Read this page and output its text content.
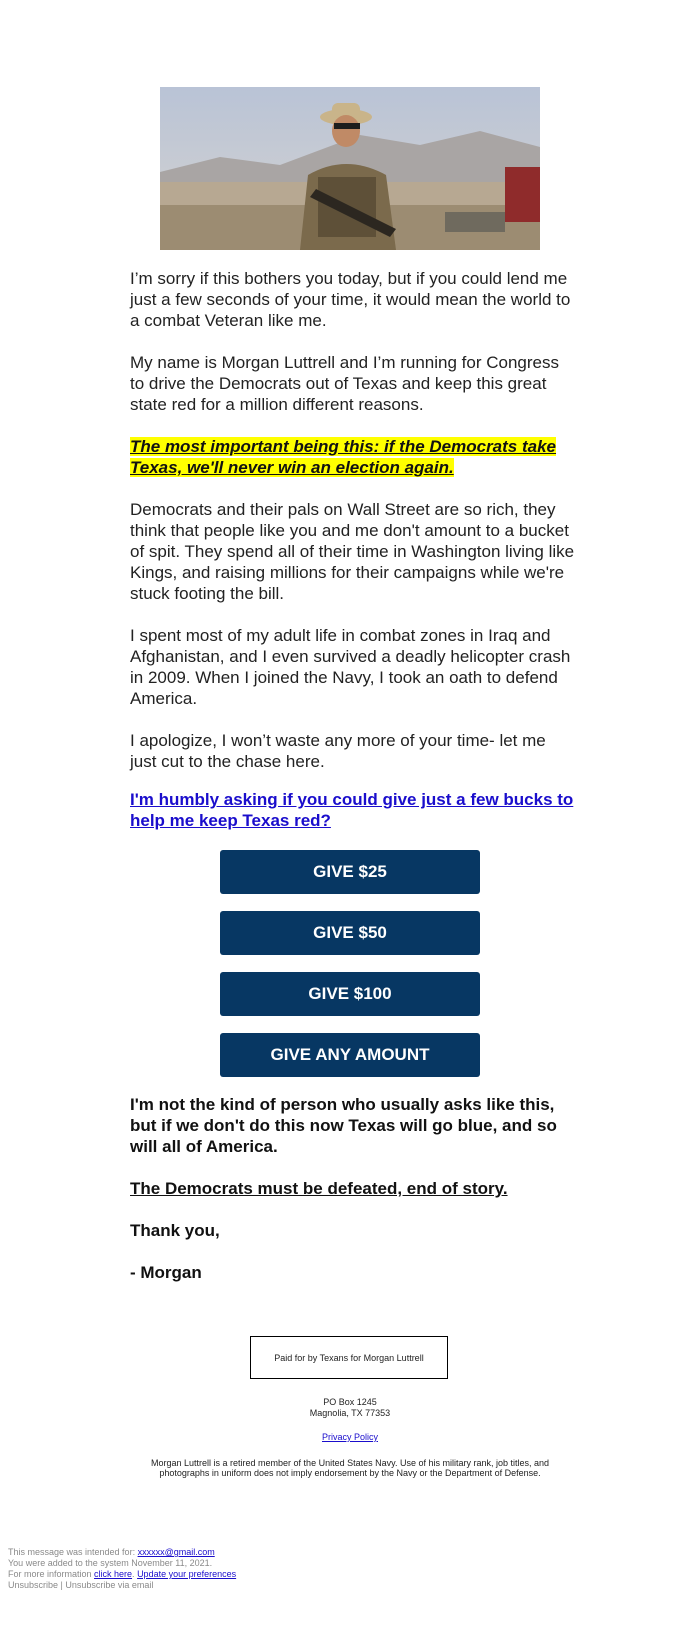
I’m sorry if this bothers you today, but if you could lend me just a few seconds of your time, it would mean the world to a combat Veteran like me.

My name is Morgan Luttrell and I’m running for Congress to drive the Democrats out of Texas and keep this great state red for a million different reasons.

The most important being this: if the Democrats take Texas, we'll never win an election again.

Democrats and their pals on Wall Street are so rich, they think that people like you and me don't amount to a bucket of spit. They spend all of their time in Washington living like Kings, and raising millions for their campaigns while we're stuck footing the bill.

I spent most of my adult life in combat zones in Iraq and Afghanistan, and I even survived a deadly helicopter crash in 2009. When I joined the Navy, I took an oath to defend America.

I apologize, I won’t waste any more of your time- let me just cut to the chase here.

I'm humbly asking if you could give just a few bucks to help me keep Texas red?

GIVE $25
GIVE $50
GIVE $100
GIVE ANY AMOUNT

I'm not the kind of person who usually asks like this, but if we don't do this now Texas will go blue, and so will all of America.

The Democrats must be defeated, end of story.

Thank you,

- Morgan

Paid for by Texans for Morgan Luttrell
PO Box 1245
Magnolia, TX 77353
Privacy Policy
Morgan Luttrell is a retired member of the United States Navy. Use of his military rank, job titles, and photographs in uniform does not imply endorsement by the Navy or the Department of Defense.
This message was intended for: xxxxxx@gmail.com
You were added to the system November 11, 2021.
For more information click here. Update your preferences
Unsubscribe | Unsubscribe via email
